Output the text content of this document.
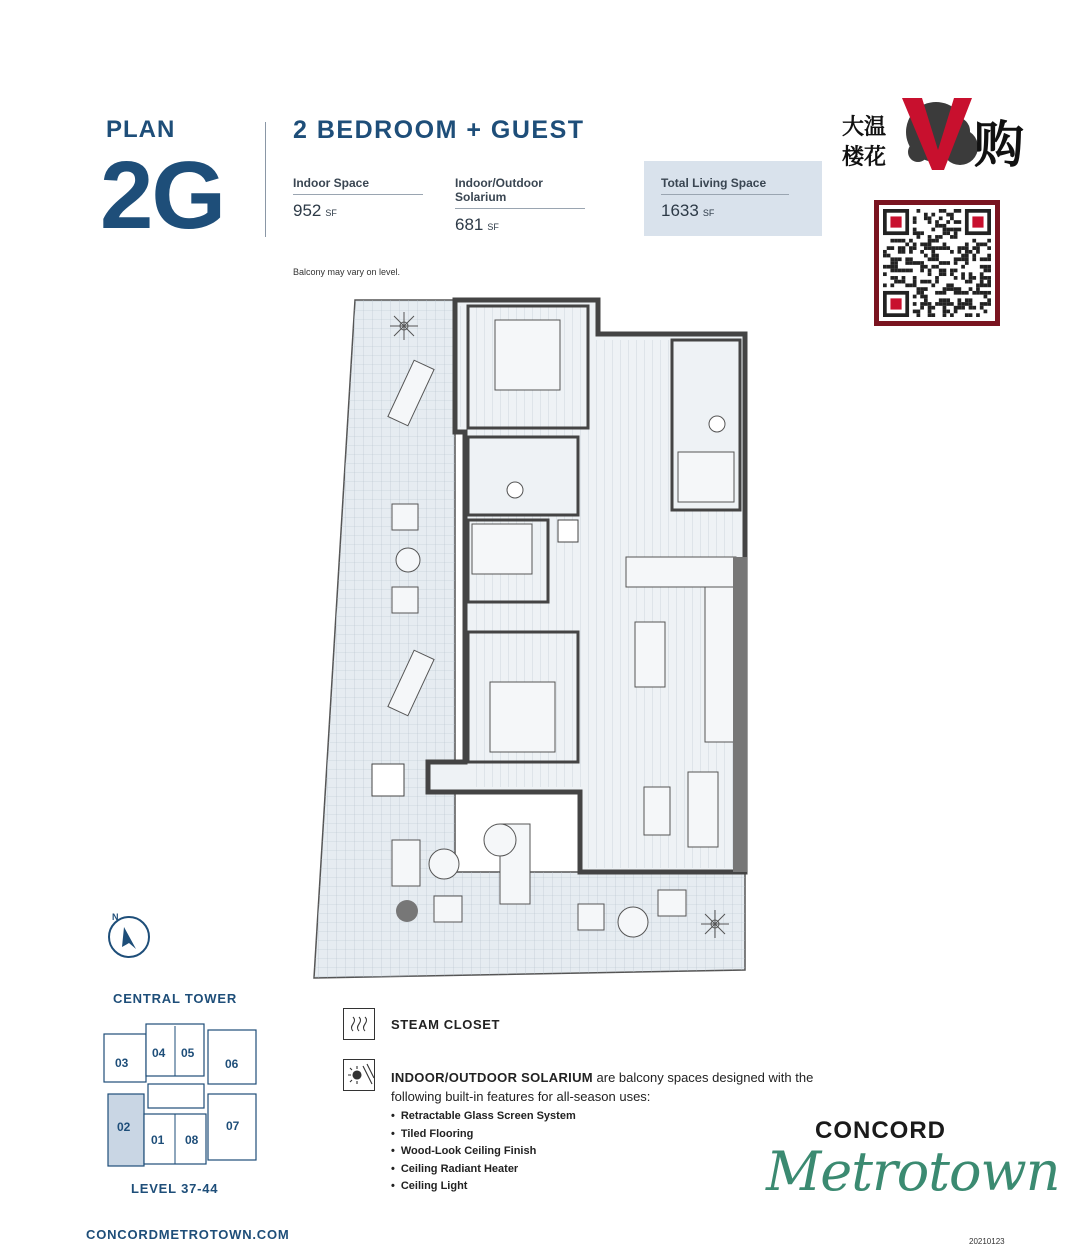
PLAN
2G
2 BEDROOM + GUEST
Indoor Space
952 SF
Indoor/Outdoor Solarium
681 SF
Total Living Space
1633 SF
Balcony may vary on level.
大温
楼花 购
N
CENTRAL TOWER
03
04 05
06
02
01 08
07
LEVEL 37-44
STEAM CLOSET
INDOOR/OUTDOOR SOLARIUM are balcony spaces designed with the following built-in features for all-season uses:
• Retractable Glass Screen System
• Tiled Flooring
• Wood-Look Ceiling Finish
• Ceiling Radiant Heater
• Ceiling Light
CONCORD
Metrotown
CONCORDMETROTOWN.COM	20210123
